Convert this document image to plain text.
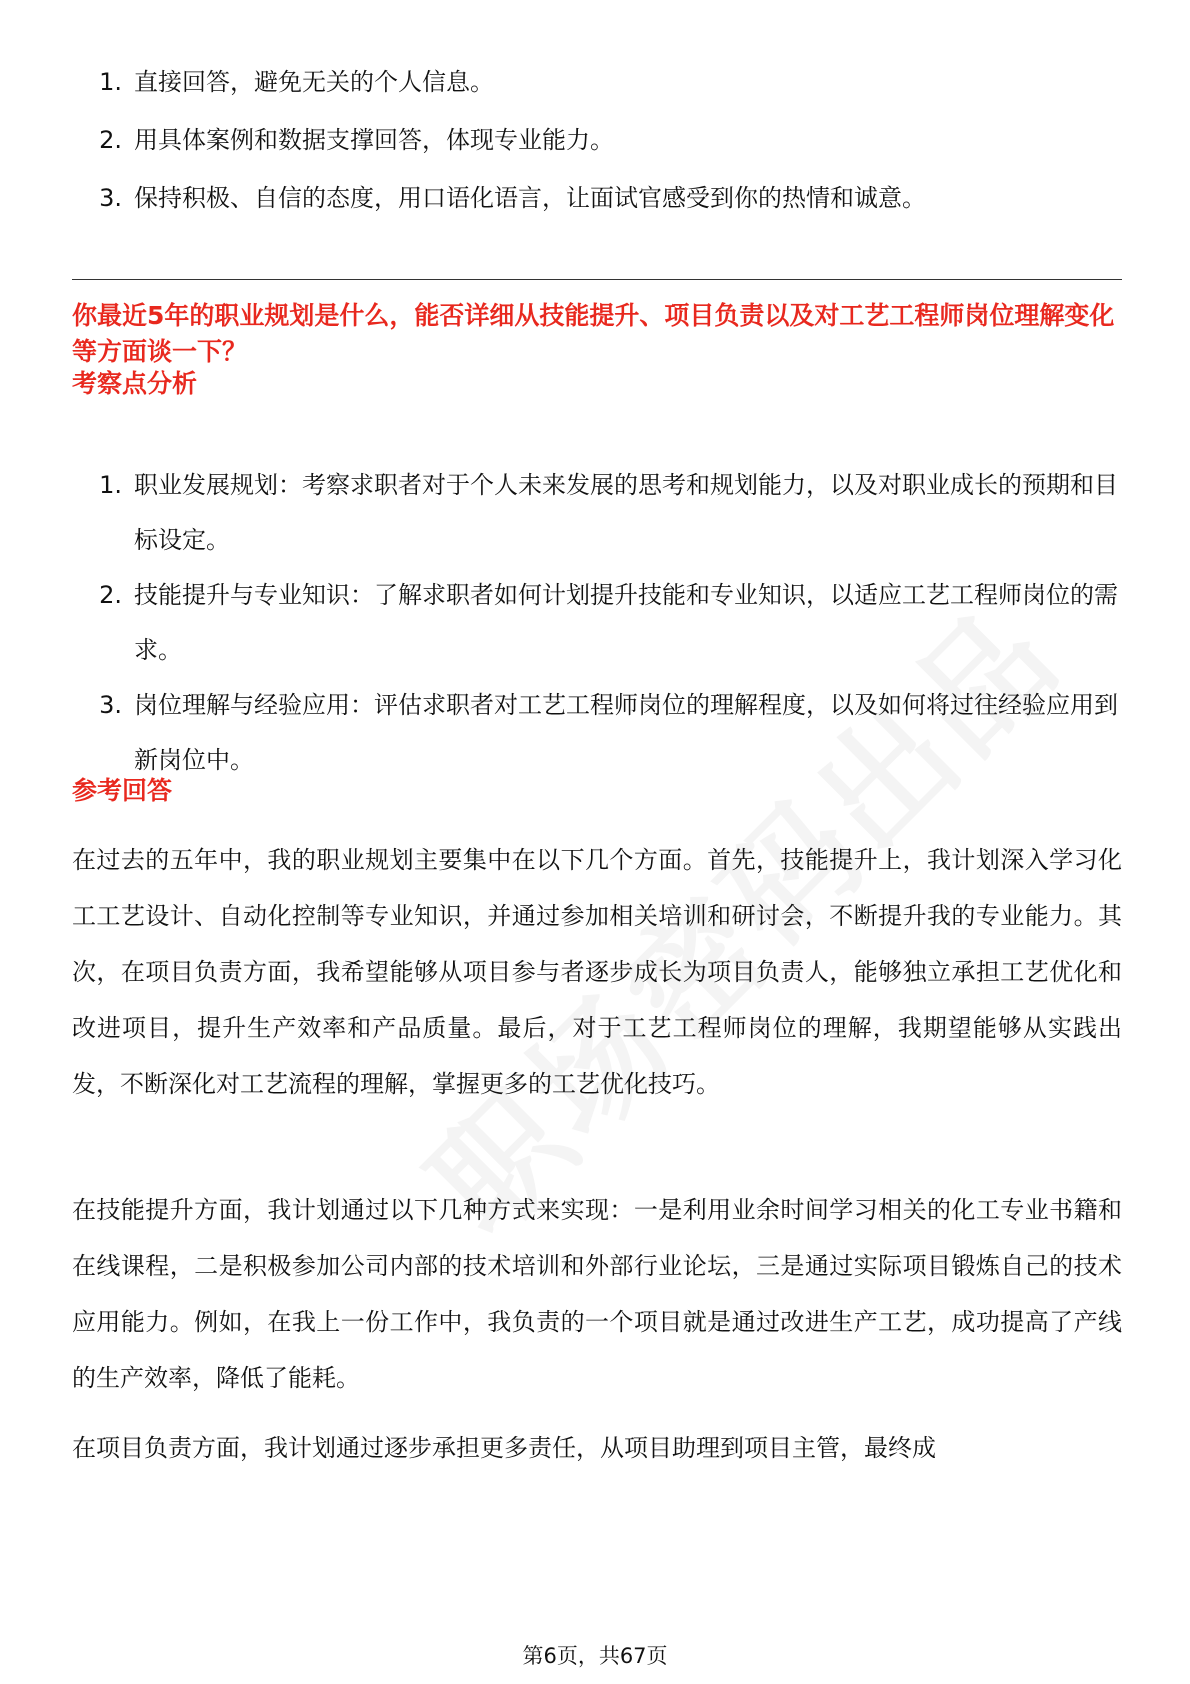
1. 直接回答，避免无关的个人信息。
2. 用具体案例和数据支撑回答，体现专业能力。
3. 保持积极、自信的态度，用口语化语言，让面试官感受到你的热情和诚意。
你最近5年的职业规划是什么，能否详细从技能提升、项目负责以及对工艺工程师岗位理解变化等方面谈一下？
考察点分析
1. 职业发展规划：考察求职者对于个人未来发展的思考和规划能力，以及对职业成长的预期和目标设定。
2. 技能提升与专业知识：了解求职者如何计划提升技能和专业知识，以适应工艺工程师岗位的需求。
3. 岗位理解与经验应用：评估求职者对工艺工程师岗位的理解程度，以及如何将过往经验应用到新岗位中。
参考回答

在过去的五年中，我的职业规划主要集中在以下几个方面。首先，技能提升上，我计划深入学习化工工艺设计、自动化控制等专业知识，并通过参加相关培训和研讨会，不断提升我的专业能力。其次，在项目负责方面，我希望能够从项目参与者逐步成长为项目负责人，能够独立承担工艺优化和改进项目，提升生产效率和产品质量。最后，对于工艺工程师岗位的理解，我期望能够从实践出发，不断深化对工艺流程的理解，掌握更多的工艺优化技巧。

在技能提升方面，我计划通过以下几种方式来实现：一是利用业余时间学习相关的化工专业书籍和在线课程，二是积极参加公司内部的技术培训和外部行业论坛，三是通过实际项目锻炼自己的技术应用能力。例如，在我上一份工作中，我负责的一个项目就是通过改进生产工艺，成功提高了产线的生产效率，降低了能耗。

在项目负责方面，我计划通过逐步承担更多责任，从项目助理到项目主管，最终成

第6页，共67页
